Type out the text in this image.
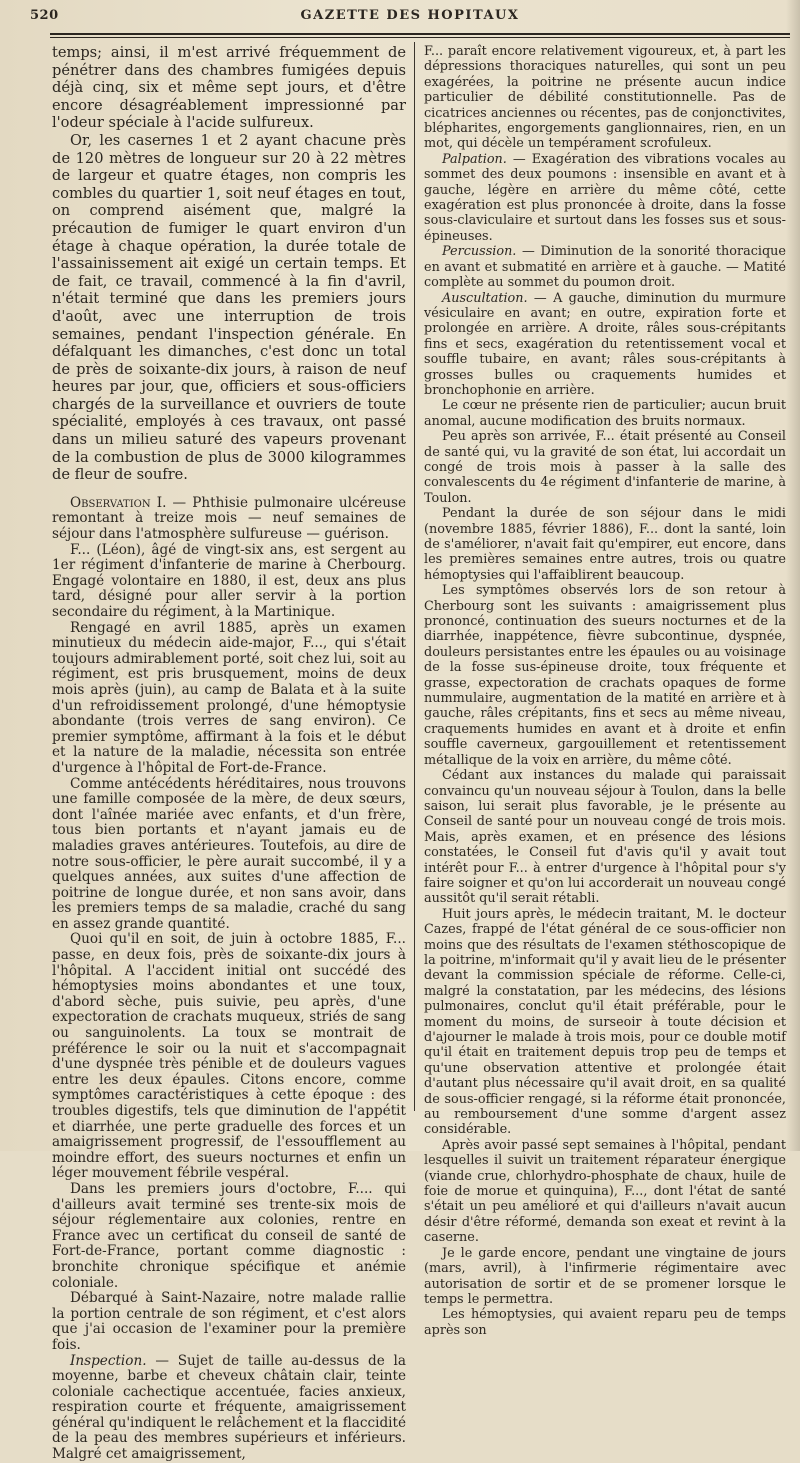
520	GAZETTE DES HOPITAUX

temps; ainsi, il m'est arrivé fréquemment de pénétrer dans des chambres fumigées depuis déjà cinq, six et même sept jours, et d'être encore désagréablement impressionné par l'odeur spéciale à l'acide sulfureux.

Or, les casernes 1 et 2 ayant chacune près de 120 mètres de longueur sur 20 à 22 mètres de largeur et quatre étages, non compris les combles du quartier 1, soit neuf étages en tout, on comprend aisément que, malgré la précaution de fumiger le quart environ d'un étage à chaque opération, la durée totale de l'assainissement ait exigé un certain temps. Et de fait, ce travail, commencé à la fin d'avril, n'était terminé que dans les premiers jours d'août, avec une interruption de trois semaines, pendant l'inspection générale. En défalquant les dimanches, c'est donc un total de près de soixante-dix jours, à raison de neuf heures par jour, que, officiers et sous-officiers chargés de la surveillance et ouvriers de toute spécialité, employés à ces travaux, ont passé dans un milieu saturé des vapeurs provenant de la combustion de plus de 3000 kilogrammes de fleur de soufre.

Observation I. — Phthisie pulmonaire ulcéreuse remontant à treize mois — neuf semaines de séjour dans l'atmosphère sulfureuse — guérison.

F... (Léon), âgé de vingt-six ans, est sergent au 1er régiment d'infanterie de marine à Cherbourg. Engagé volontaire en 1880, il est, deux ans plus tard, désigné pour aller servir à la portion secondaire du régiment, à la Martinique.

Rengagé en avril 1885, après un examen minutieux du médecin aide-major, F..., qui s'était toujours admirablement porté, soit chez lui, soit au régiment, est pris brusquement, moins de deux mois après (juin), au camp de Balata et à la suite d'un refroidissement prolongé, d'une hémoptysie abondante (trois verres de sang environ). Ce premier symptôme, affirmant à la fois et le début et la nature de la maladie, nécessita son entrée d'urgence à l'hôpital de Fort-de-France.

Comme antécédents héréditaires, nous trouvons une famille composée de la mère, de deux sœurs, dont l'aînée mariée avec enfants, et d'un frère, tous bien portants et n'ayant jamais eu de maladies graves antérieures. Toutefois, au dire de notre sous-officier, le père aurait succombé, il y a quelques années, aux suites d'une affection de poitrine de longue durée, et non sans avoir, dans les premiers temps de sa maladie, craché du sang en assez grande quantité.

Quoi qu'il en soit, de juin à octobre 1885, F... passe, en deux fois, près de soixante-dix jours à l'hôpital. A l'accident initial ont succédé des hémoptysies moins abondantes et une toux, d'abord sèche, puis suivie, peu après, d'une expectoration de crachats muqueux, striés de sang ou sanguinolents. La toux se montrait de préférence le soir ou la nuit et s'accompagnait d'une dyspnée très pénible et de douleurs vagues entre les deux épaules. Citons encore, comme symptômes caractéristiques à cette époque : des troubles digestifs, tels que diminution de l'appétit et diarrhée, une perte graduelle des forces et un amaigrissement progressif, de l'essoufflement au moindre effort, des sueurs nocturnes et enfin un léger mouvement fébrile vespéral.

Dans les premiers jours d'octobre, F.... qui d'ailleurs avait terminé ses trente-six mois de séjour réglementaire aux colonies, rentre en France avec un certificat du conseil de santé de Fort-de-France, portant comme diagnostic : bronchite chronique spécifique et anémie coloniale.

Débarqué à Saint-Nazaire, notre malade rallie la portion centrale de son régiment, et c'est alors que j'ai occasion de l'examiner pour la première fois.

Inspection. — Sujet de taille au-dessus de la moyenne, barbe et cheveux châtain clair, teinte coloniale cachectique accentuée, facies anxieux, respiration courte et fréquente, amaigrissement général qu'indiquent le relâchement et la flaccidité de la peau des membres supérieurs et inférieurs. Malgré cet amaigrissement,

F... paraît encore relativement vigoureux, et, à part les dépressions thoraciques naturelles, qui sont un peu exagérées, la poitrine ne présente aucun indice particulier de débilité constitutionnelle. Pas de cicatrices anciennes ou récentes, pas de conjonctivites, blépharites, engorgements ganglionnaires, rien, en un mot, qui décèle un tempérament scrofuleux.

Palpation. — Exagération des vibrations vocales au sommet des deux poumons : insensible en avant et à gauche, légère en arrière du même côté, cette exagération est plus prononcée à droite, dans la fosse sous-claviculaire et surtout dans les fosses sus et sous-épineuses.

Percussion. — Diminution de la sonorité thoracique en avant et submatité en arrière et à gauche. — Matité complète au sommet du poumon droit.

Auscultation. — A gauche, diminution du murmure vésiculaire en avant; en outre, expiration forte et prolongée en arrière. A droite, râles sous-crépitants fins et secs, exagération du retentissement vocal et souffle tubaire, en avant; râles sous-crépitants à grosses bulles ou craquements humides et bronchophonie en arrière.

Le cœur ne présente rien de particulier; aucun bruit anomal, aucune modification des bruits normaux.

Peu après son arrivée, F... était présenté au Conseil de santé qui, vu la gravité de son état, lui accordait un congé de trois mois à passer à la salle des convalescents du 4e régiment d'infanterie de marine, à Toulon.

Pendant la durée de son séjour dans le midi (novembre 1885, février 1886), F... dont la santé, loin de s'améliorer, n'avait fait qu'empirer, eut encore, dans les premières semaines entre autres, trois ou quatre hémoptysies qui l'affaiblirent beaucoup.

Les symptômes observés lors de son retour à Cherbourg sont les suivants : amaigrissement plus prononcé, continuation des sueurs nocturnes et de la diarrhée, inappétence, fièvre subcontinue, dyspnée, douleurs persistantes entre les épaules ou au voisinage de la fosse sus-épineuse droite, toux fréquente et grasse, expectoration de crachats opaques de forme nummulaire, augmentation de la matité en arrière et à gauche, râles crépitants, fins et secs au même niveau, craquements humides en avant et à droite et enfin souffle caverneux, gargouillement et retentissement métallique de la voix en arrière, du même côté.

Cédant aux instances du malade qui paraissait convaincu qu'un nouveau séjour à Toulon, dans la belle saison, lui serait plus favorable, je le présente au Conseil de santé pour un nouveau congé de trois mois. Mais, après examen, et en présence des lésions constatées, le Conseil fut d'avis qu'il y avait tout intérêt pour F... à entrer d'urgence à l'hôpital pour s'y faire soigner et qu'on lui accorderait un nouveau congé aussitôt qu'il serait rétabli.

Huit jours après, le médecin traitant, M. le docteur Cazes, frappé de l'état général de ce sous-officier non moins que des résultats de l'examen stéthoscopique de la poitrine, m'informait qu'il y avait lieu de le présenter devant la commission spéciale de réforme. Celle-ci, malgré la constatation, par les médecins, des lésions pulmonaires, conclut qu'il était préférable, pour le moment du moins, de surseoir à toute décision et d'ajourner le malade à trois mois, pour ce double motif qu'il était en traitement depuis trop peu de temps et qu'une observation attentive et prolongée était d'autant plus nécessaire qu'il avait droit, en sa qualité de sous-officier rengagé, si la réforme était prononcée, au remboursement d'une somme d'argent assez considérable.

Après avoir passé sept semaines à l'hôpital, pendant lesquelles il suivit un traitement réparateur énergique (viande crue, chlorhydro-phosphate de chaux, huile de foie de morue et quinquina), F..., dont l'état de santé s'était un peu amélioré et qui d'ailleurs n'avait aucun désir d'être réformé, demanda son exeat et revint à la caserne.

Je le garde encore, pendant une vingtaine de jours (mars, avril), à l'infirmerie régimentaire avec autorisation de sortir et de se promener lorsque le temps le permettra.

Les hémoptysies, qui avaient reparu peu de temps après son
